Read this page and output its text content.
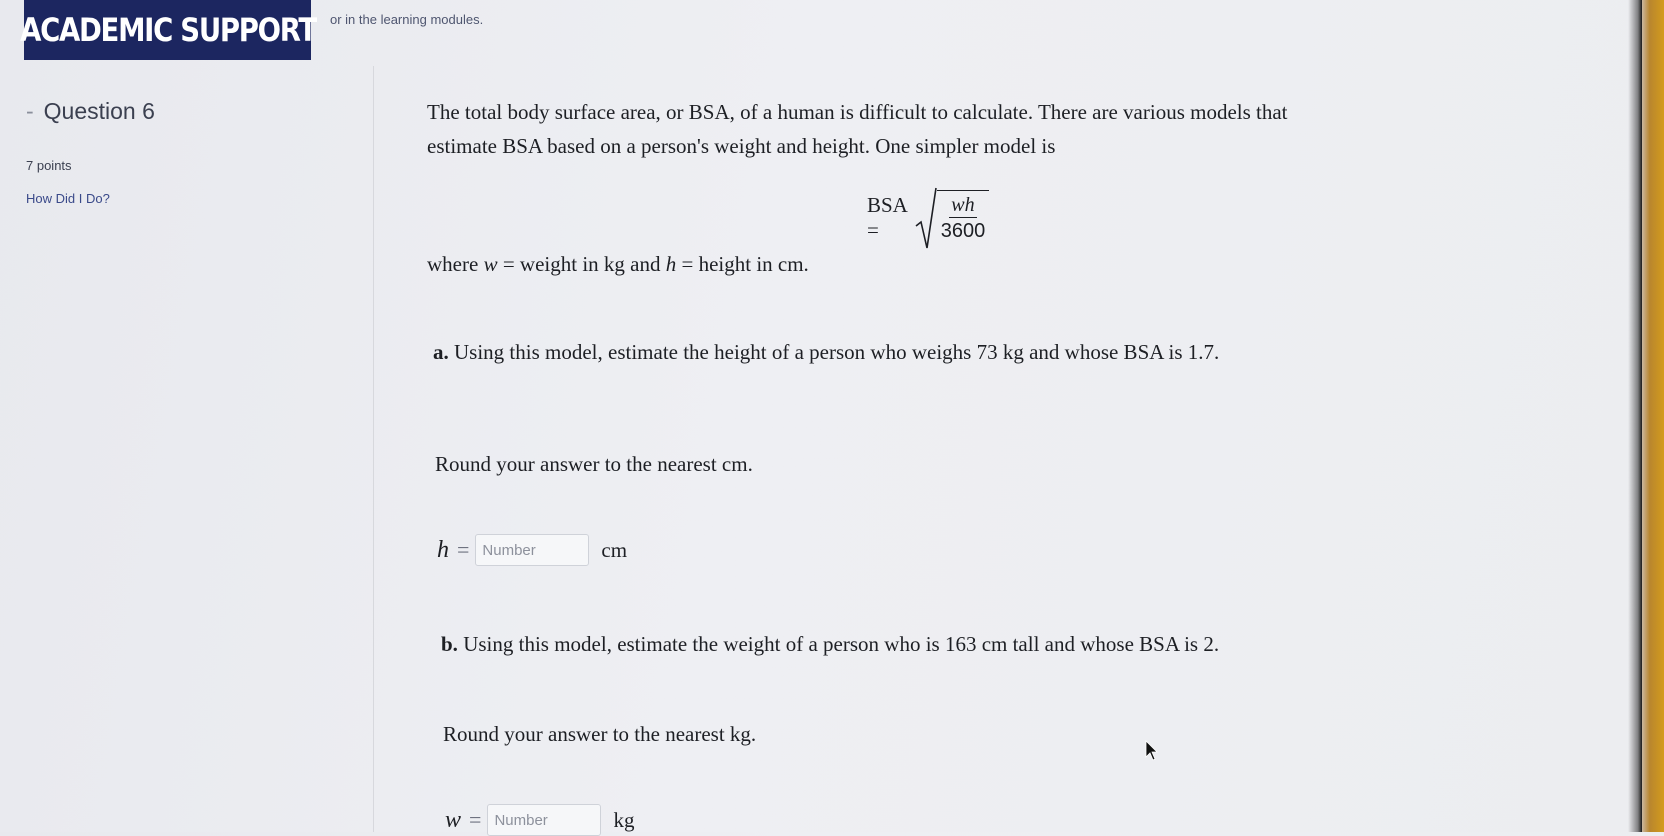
ACADEMIC SUPPORT or in the learning modules.
- Question 6
7 points
How Did I Do?
The total body surface area, or BSA, of a human is difficult to calculate. There are various models that
estimate BSA based on a person's weight and height. One simpler model is
BSA =	$\frac{wh}{3600}$
where w = weight in kg and h = height in cm.
a. Using this model, estimate the height of a person who weighs 73 kg and whose BSA is 1.7.
Round your answer to the nearest cm.
h =
Number	cm
b. Using this model, estimate the weight of a person who is 163 cm tall and whose BSA is 2.
Round your answer to the nearest kg.
w =
Number	kg
